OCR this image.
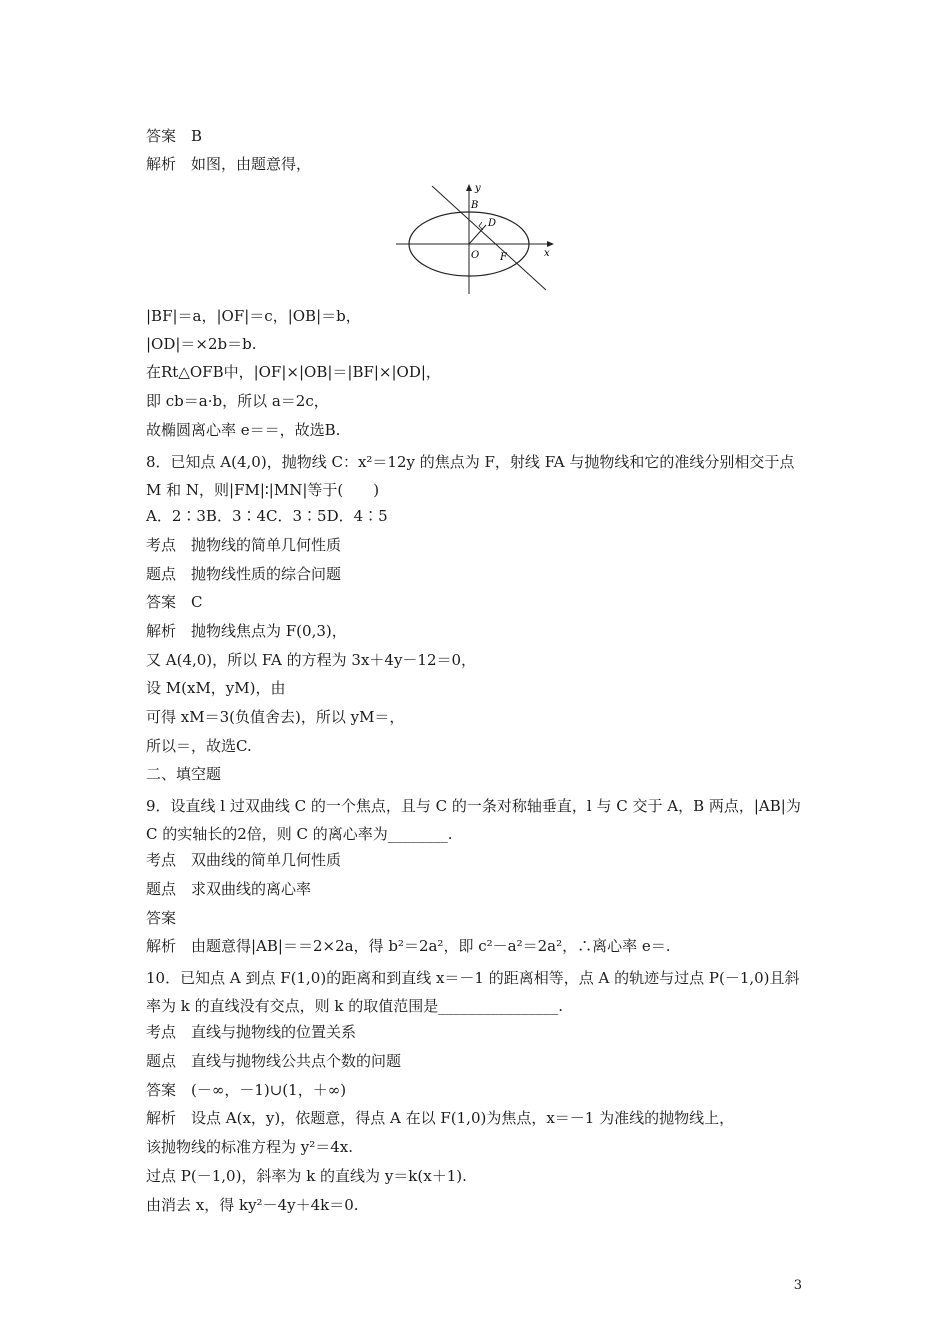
答案　B
解析　如图，由题意得，
y
x
B
D
O F
|BF|＝a，|OF|＝c，|OB|＝b，
|OD|＝×2b＝b.
在Rt△OFB中，|OF|×|OB|＝|BF|×|OD|，
即 cb＝a·b，所以 a＝2c，
故椭圆离心率 e＝＝，故选B.
8．已知点 A(4,0)，抛物线 C：x²＝12y 的焦点为 F，射线 FA 与抛物线和它的准线分别相交于点 M 和 N，则|FM|∶|MN|等于(　　)
A．2∶3B．3∶4C．3∶5D．4∶5
考点　抛物线的简单几何性质
题点　抛物线性质的综合问题
答案　C
解析　抛物线焦点为 F(0,3)，
又 A(4,0)，所以 FA 的方程为 3x＋4y－12＝0，
设 M(xM，yM)，由
可得 xM＝3(负值舍去)，所以 yM＝，
所以＝，故选C.
二、填空题
9．设直线 l 过双曲线 C 的一个焦点，且与 C 的一条对称轴垂直，l 与 C 交于 A，B 两点，|AB|为 C 的实轴长的2倍，则 C 的离心率为________.
考点　双曲线的简单几何性质
题点　求双曲线的离心率
答案
解析　由题意得|AB|＝＝2×2a，得 b²＝2a²，即 c²－a²＝2a²，∴离心率 e＝.
10．已知点 A 到点 F(1,0)的距离和到直线 x＝－1 的距离相等，点 A 的轨迹与过点 P(－1,0)且斜率为 k 的直线没有交点，则 k 的取值范围是________________.
考点　直线与抛物线的位置关系
题点　直线与抛物线公共点个数的问题
答案　(－∞，－1)∪(1，＋∞)
解析　设点 A(x，y)，依题意，得点 A 在以 F(1,0)为焦点，x＝－1 为准线的抛物线上，
该抛物线的标准方程为 y²＝4x.
过点 P(－1,0)，斜率为 k 的直线为 y＝k(x＋1).
由消去 x，得 ky²－4y＋4k＝0.
3
